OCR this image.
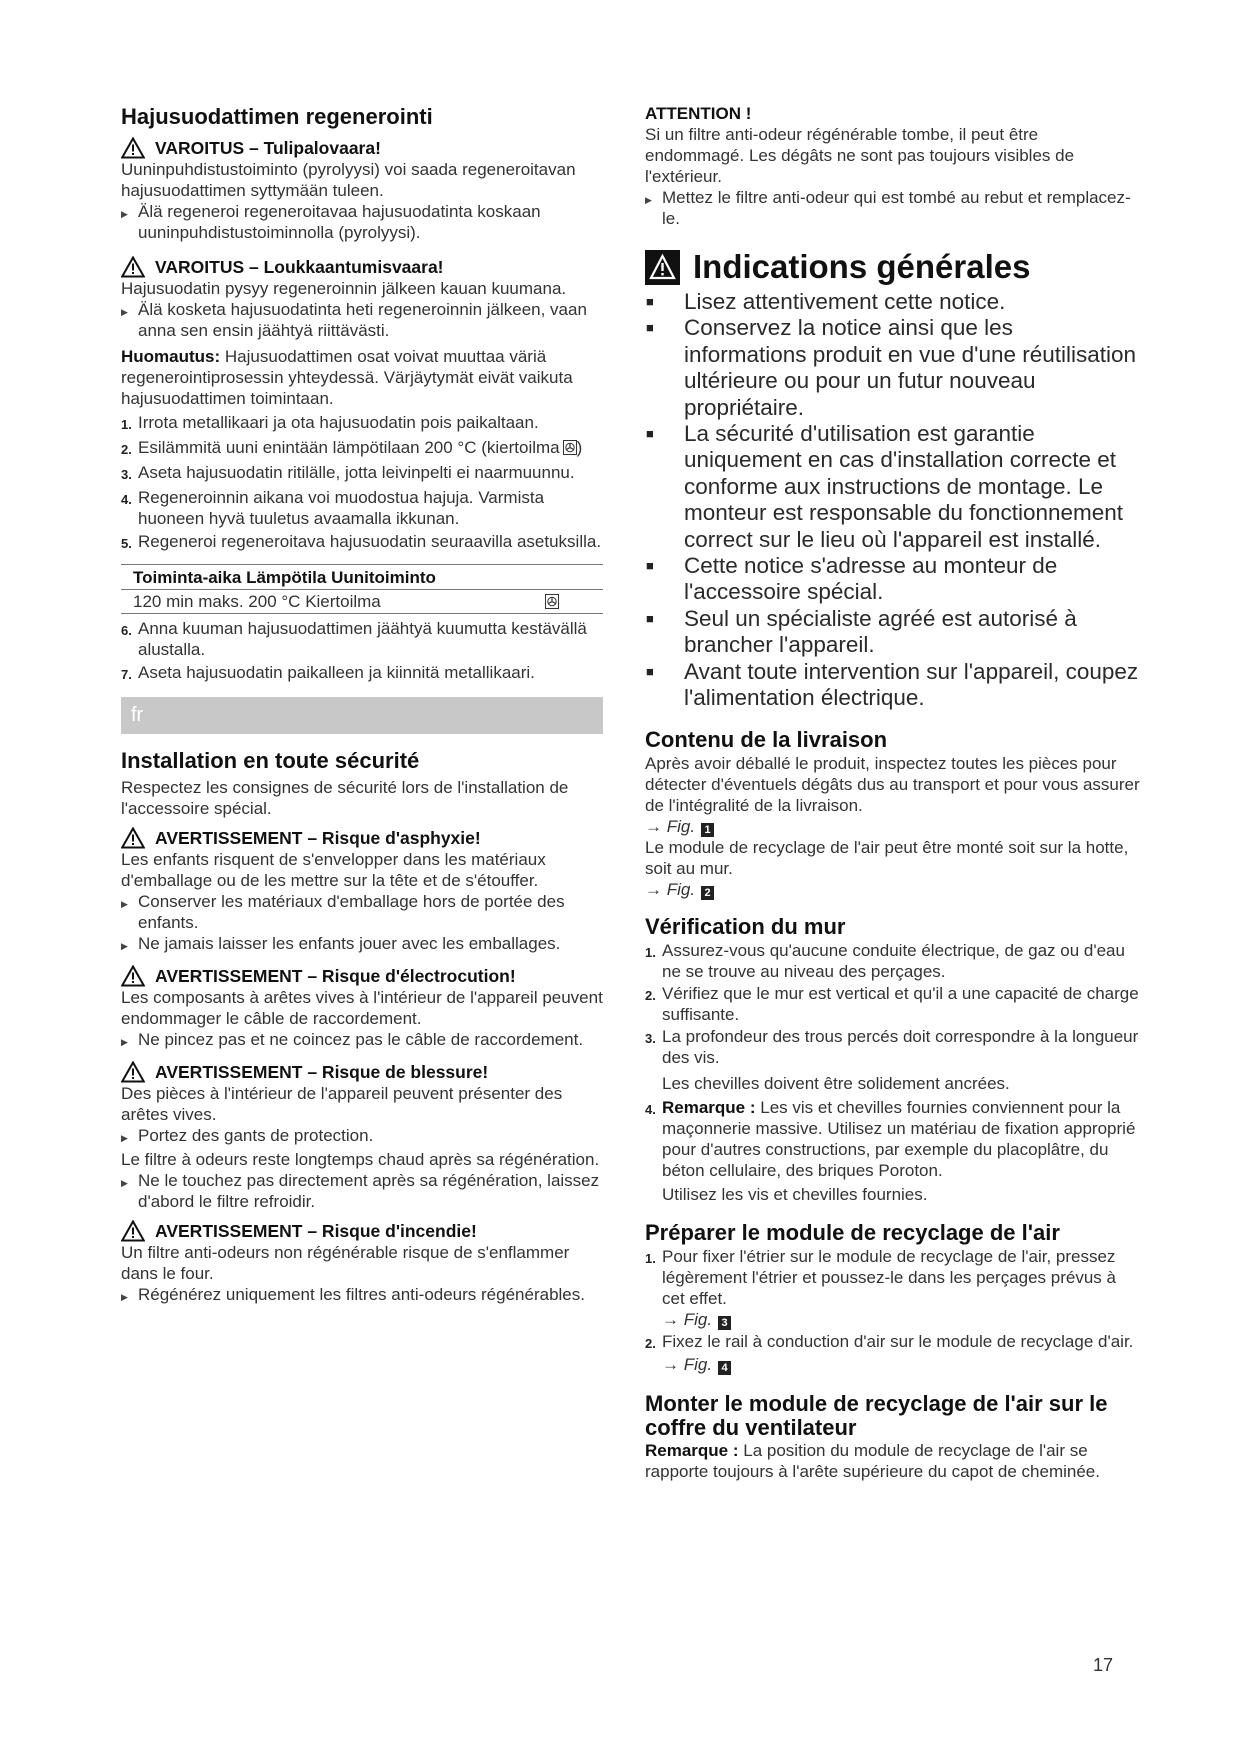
Hajusuodattimen regenerointi

VAROITUS – Tulipalovaara!

Uuninpuhdistustoiminto (pyrolyysi) voi saada regeneroitavan hajusuodattimen syttymään tuleen.

▶ Älä regeneroi regeneroitavaa hajusuodatinta koskaan uuninpuhdistustoiminnolla (pyrolyysi).
VAROITUS – Loukkaantumisvaara!

Hajusuodatin pysyy regeneroinnin jälkeen kauan kuumana.

▶ Älä kosketa hajusuodatinta heti regeneroinnin jälkeen, vaan anna sen ensin jäähtyä riittävästi.

Huomautus: Hajusuodattimen osat voivat muuttaa väriä regenerointiprosessin yhteydessä. Värjäytymät eivät vaikuta hajusuodattimen toimintaan.

1. Irrota metallikaari ja ota hajusuodatin pois paikaltaan.
2. Esilämmitä uuni enintään lämpötilaan 200 °C (kiertoilma )
3. Aseta hajusuodatin ritilälle, jotta leivinpelti ei naarmuunnu.
4. Regeneroinnin aikana voi muodostua hajuja. Varmista huoneen hyvä tuuletus avaamalla ikkunan.
5. Regeneroi regeneroitava hajusuodatin seuraavilla asetuksilla.
Toiminta-aika Lämpötila Uunitoiminto
120 min maks. 200 °C Kiertoilma
6. Anna kuuman hajusuodattimen jäähtyä kuumutta kestävällä alustalla.
7. Aseta hajusuodatin paikalleen ja kiinnitä metallikaari.
fr

Installation en toute sécurité

Respectez les consignes de sécurité lors de l'installation de l'accessoire spécial.

AVERTISSEMENT – Risque d'asphyxie!

Les enfants risquent de s'envelopper dans les matériaux d'emballage ou de les mettre sur la tête et de s'étouffer.

▶ Conserver les matériaux d'emballage hors de portée des enfants.
▶ Ne jamais laisser les enfants jouer avec les emballages.
AVERTISSEMENT – Risque d'électrocution!

Les composants à arêtes vives à l'intérieur de l'appareil peuvent endommager le câble de raccordement.

▶ Ne pincez pas et ne coincez pas le câble de raccordement.
AVERTISSEMENT – Risque de blessure!

Des pièces à l'intérieur de l'appareil peuvent présenter des arêtes vives.

▶ Portez des gants de protection.

Le filtre à odeurs reste longtemps chaud après sa régénération.

▶ Ne le touchez pas directement après sa régénération, laissez d'abord le filtre refroidir.
AVERTISSEMENT – Risque d'incendie!

Un filtre anti-odeurs non régénérable risque de s'enflammer dans le four.

▶ Régénérez uniquement les filtres anti-odeurs régénérables.

ATTENTION !

Si un filtre anti-odeur régénérable tombe, il peut être endommagé. Les dégâts ne sont pas toujours visibles de l'extérieur.

▶ Mettez le filtre anti-odeur qui est tombé au rebut et remplacez-le.
Indications générales
■	Lisez attentivement cette notice.
■	Conservez la notice ainsi que les informations produit en vue d'une réutilisation ultérieure ou pour un futur nouveau propriétaire.
■	La sécurité d'utilisation est garantie uniquement en cas d'installation correcte et conforme aux instructions de montage. Le monteur est responsable du fonctionnement correct sur le lieu où l'appareil est installé.
■	Cette notice s'adresse au monteur de l'accessoire spécial.
■	Seul un spécialiste agréé est autorisé à brancher l'appareil.
■	Avant toute intervention sur l'appareil, coupez l'alimentation électrique.

Contenu de la livraison

Après avoir déballé le produit, inspectez toutes les pièces pour détecter d'éventuels dégâts dus au transport et pour vous assurer de l'intégralité de la livraison.

→ Fig. 1

Le module de recyclage de l'air peut être monté soit sur la hotte, soit au mur.

→ Fig. 2

Vérification du mur

1. Assurez-vous qu'aucune conduite électrique, de gaz ou d'eau ne se trouve au niveau des perçages.
2. Vérifiez que le mur est vertical et qu'il a une capacité de charge suffisante.
3. La profondeur des trous percés doit correspondre à la longueur des vis.

Les chevilles doivent être solidement ancrées.

4. Remarque : Les vis et chevilles fournies conviennent pour la maçonnerie massive. Utilisez un matériau de fixation approprié pour d'autres constructions, par exemple du placoplâtre, du béton cellulaire, des briques Poroton.

Utilisez les vis et chevilles fournies.

Préparer le module de recyclage de l'air

1. Pour fixer l'étrier sur le module de recyclage de l'air, pressez légèrement l'étrier et poussez-le dans les perçages prévus à cet effet.

→ Fig. 3

2. Fixez le rail à conduction d'air sur le module de recyclage d'air.

→ Fig. 4

Monter le module de recyclage de l'air sur le coffre du ventilateur

Remarque : La position du module de recyclage de l'air se rapporte toujours à l'arête supérieure du capot de cheminée.

17
